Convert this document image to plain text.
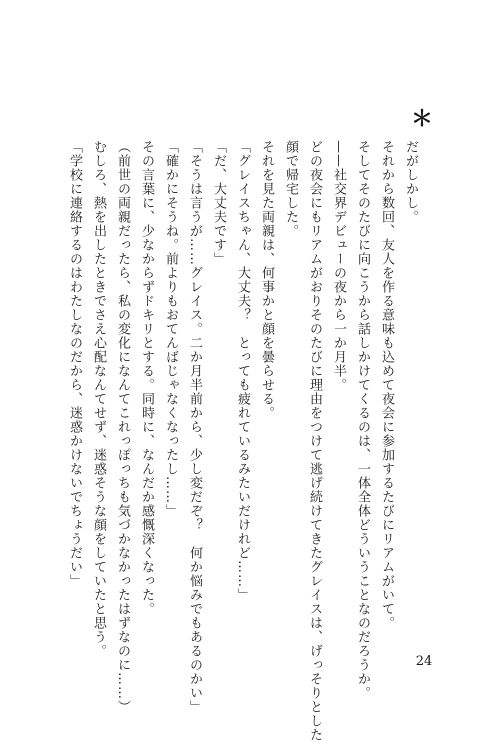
＊
だがしかし。
それから数回、友人を作る意味も込めて夜会に参加するたびにリアムがいて。
そしてそのたびに向こうから話しかけてくるのは、一体全体どういうことなのだろうか。
——社交界デビューの夜から一か月半。
どの夜会にもリアムがおりそのたびに理由をつけて逃げ続けてきたグレイスは、げっそりとした
顔で帰宅した。
それを見た両親は、何事かと顔を曇らせる。
「グレイスちゃん、大丈夫？　とっても疲れているみたいだけれど……」
「だ、大丈夫です」
「そうは言うが……グレイス。二か月半前から、少し変だぞ？　何か悩みでもあるのかい」
「確かにそうね。前よりもおてんばじゃなくなったし……」
その言葉に、少なからずドキリとする。同時に、なんだか感慨深くなった。
（前世の両親だったら、私の変化になんてこれっぽっちも気づかなかったはずなのに……）
むしろ、熱を出したときでさえ心配なんてせず、迷惑そうな顔をしていたと思う。
「学校に連絡するのはわたしなのだから、迷惑かけないでちょうだい」
24
